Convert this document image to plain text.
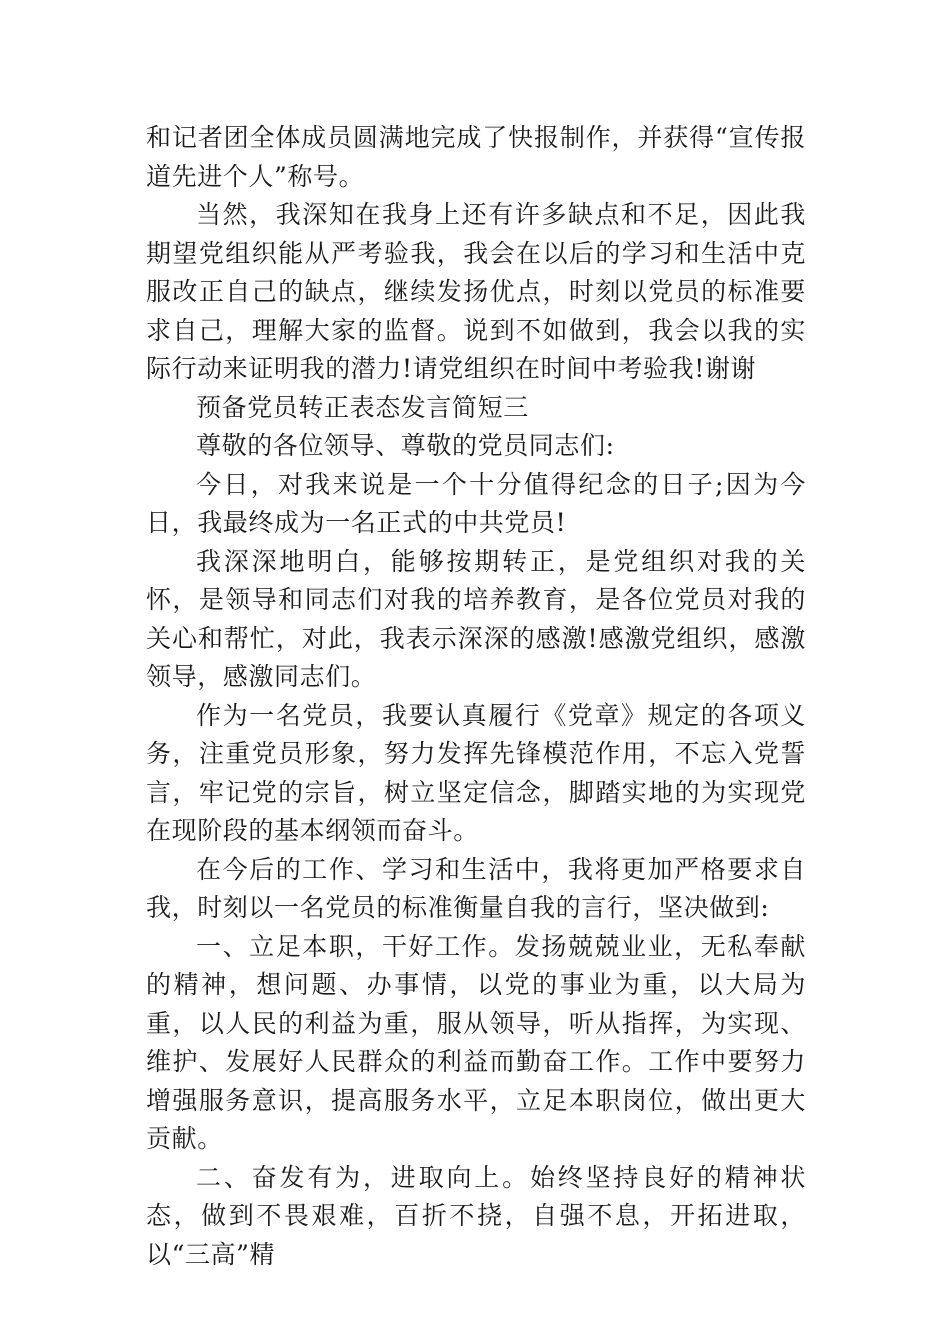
和记者团全体成员圆满地完成了快报制作，并获得“宣传报道先进个人”称号。

当然，我深知在我身上还有许多缺点和不足，因此我期望党组织能从严考验我，我会在以后的学习和生活中克服改正自己的缺点，继续发扬优点，时刻以党员的标准要求自己，理解大家的监督。说到不如做到，我会以我的实际行动来证明我的潜力!请党组织在时间中考验我!谢谢

预备党员转正表态发言简短三

尊敬的各位领导、尊敬的党员同志们:

今日，对我来说是一个十分值得纪念的日子;因为今日，我最终成为一名正式的中共党员!

我深深地明白，能够按期转正，是党组织对我的关怀，是领导和同志们对我的培养教育，是各位党员对我的关心和帮忙，对此，我表示深深的感激!感激党组织，感激领导，感激同志们。

作为一名党员，我要认真履行《党章》规定的各项义务，注重党员形象，努力发挥先锋模范作用，不忘入党誓言，牢记党的宗旨，树立坚定信念，脚踏实地的为实现党在现阶段的基本纲领而奋斗。

在今后的工作、学习和生活中，我将更加严格要求自我，时刻以一名党员的标准衡量自我的言行，坚决做到:

一、立足本职，干好工作。发扬兢兢业业，无私奉献的精神，想问题、办事情，以党的事业为重，以大局为重，以人民的利益为重，服从领导，听从指挥，为实现、维护、发展好人民群众的利益而勤奋工作。工作中要努力增强服务意识，提高服务水平，立足本职岗位，做出更大贡献。

二、奋发有为，进取向上。始终坚持良好的精神状态，做到不畏艰难，百折不挠，自强不息，开拓进取，以“三高”精
